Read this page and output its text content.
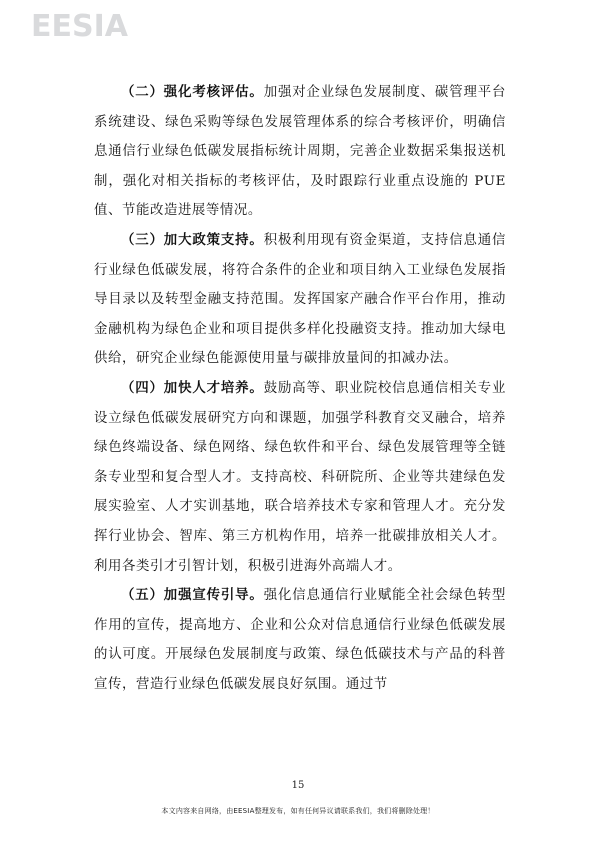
EESIA

（二）强化考核评估。加强对企业绿色发展制度、碳管理平台系统建设、绿色采购等绿色发展管理体系的综合考核评价，明确信息通信行业绿色低碳发展指标统计周期，完善企业数据采集报送机制，强化对相关指标的考核评估，及时跟踪行业重点设施的 PUE 值、节能改造进展等情况。

（三）加大政策支持。积极利用现有资金渠道，支持信息通信行业绿色低碳发展，将符合条件的企业和项目纳入工业绿色发展指导目录以及转型金融支持范围。发挥国家产融合作平台作用，推动金融机构为绿色企业和项目提供多样化投融资支持。推动加大绿电供给，研究企业绿色能源使用量与碳排放量间的扣减办法。

（四）加快人才培养。鼓励高等、职业院校信息通信相关专业设立绿色低碳发展研究方向和课题，加强学科教育交叉融合，培养绿色终端设备、绿色网络、绿色软件和平台、绿色发展管理等全链条专业型和复合型人才。支持高校、科研院所、企业等共建绿色发展实验室、人才实训基地，联合培养技术专家和管理人才。充分发挥行业协会、智库、第三方机构作用，培养一批碳排放相关人才。利用各类引才引智计划，积极引进海外高端人才。

（五）加强宣传引导。强化信息通信行业赋能全社会绿色转型作用的宣传，提高地方、企业和公众对信息通信行业绿色低碳发展的认可度。开展绿色发展制度与政策、绿色低碳技术与产品的科普宣传，营造行业绿色低碳发展良好氛围。通过节

15
本文内容来自网络，由EESIA整理发布，如有任何异议请联系我们，我们将删除处理！
